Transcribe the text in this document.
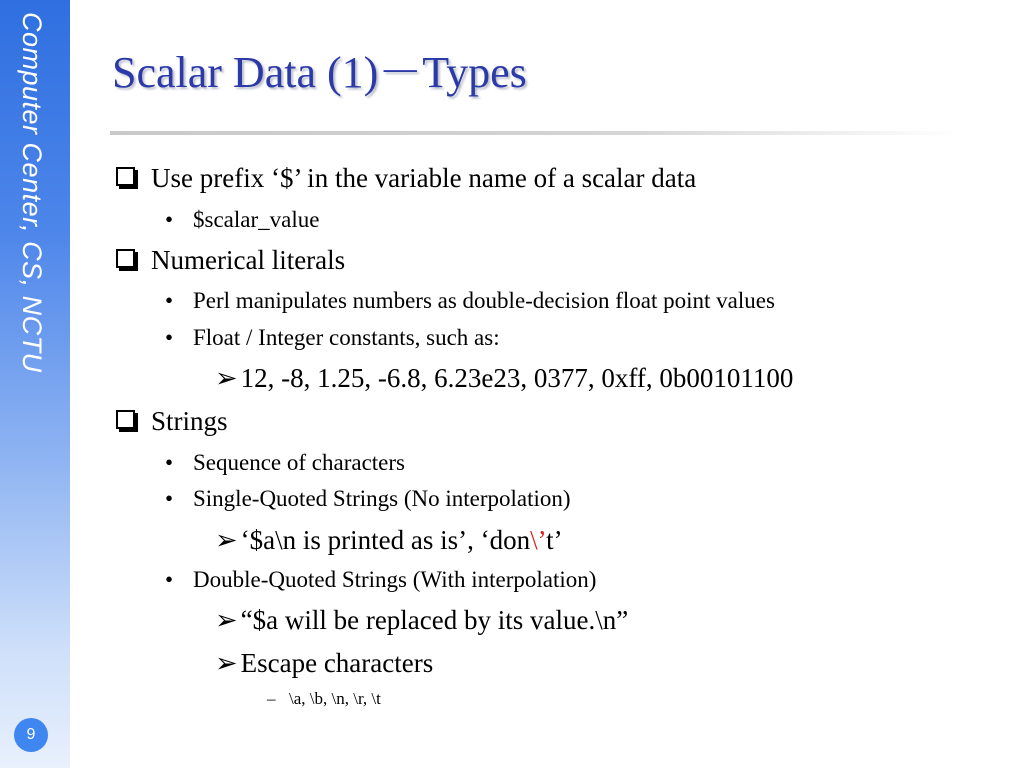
Computer Center, CS, NCTU
9
Scalar Data (1)－Types
Use prefix ‘$’ in the variable name of a scalar data
• $scalar_value
Numerical literals
• Perl manipulates numbers as double-decision float point values
• Float / Integer constants, such as:
➢ 12, -8, 1.25, -6.8, 6.23e23, 0377, 0xff, 0b00101100
Strings
• Sequence of characters
• Single-Quoted Strings (No interpolation)
➢ ‘$a\n is printed as is’, ‘don\’t’
• Double-Quoted Strings (With interpolation)
➢ “$a will be replaced by its value.\n”
➢ Escape characters
– \a, \b, \n, \r, \t
